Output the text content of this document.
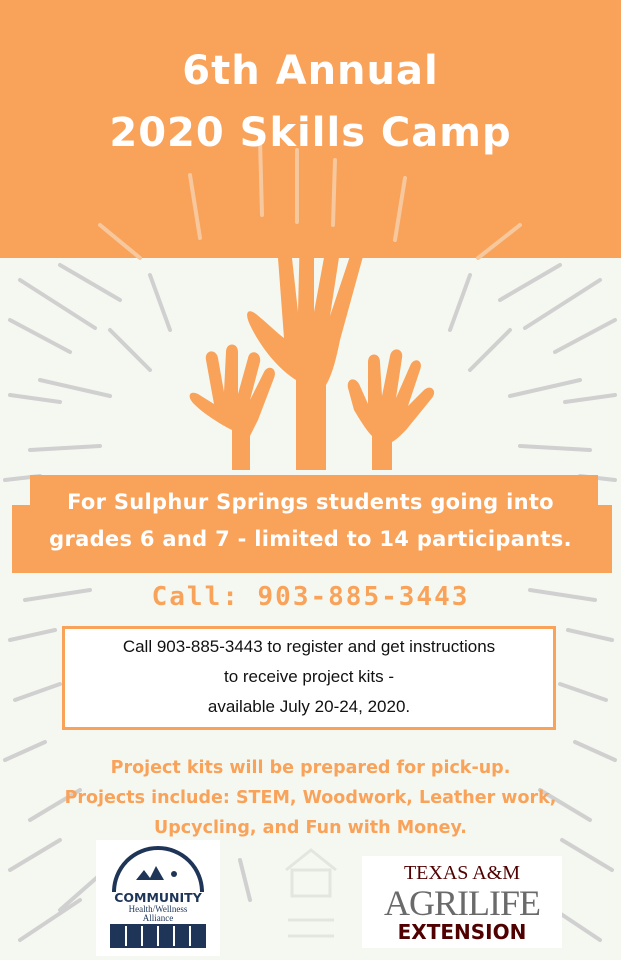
6th Annual
2020 Skills Camp
For Sulphur Springs students going into
grades 6 and 7 - limited to 14 participants.
Call: 903-885-3443
Call 903-885-3443 to register and get instructions
to receive project kits -
available July 20-24, 2020.
Project kits will be prepared for pick-up.
Projects include: STEM, Woodwork, Leather work,
Upcycling, and Fun with Money.
COMMUNITY
Health/Wellness
Alliance
TEXAS A&M
AGRILIFE
EXTENSION
